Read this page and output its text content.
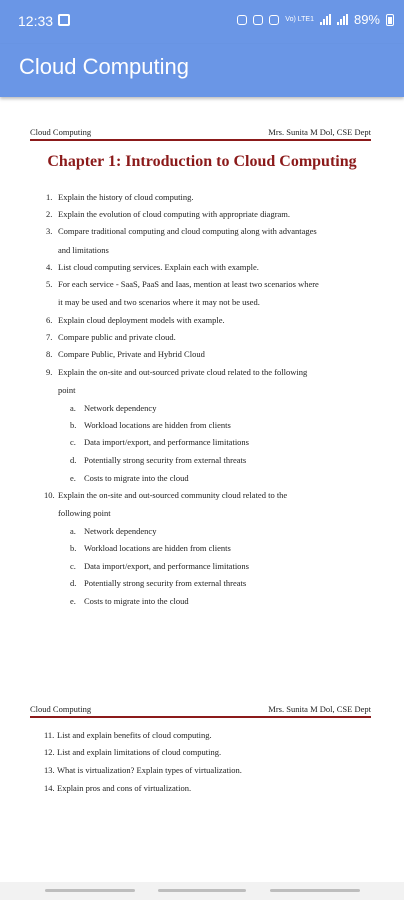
12:33	Vo) LTE1	89%
Cloud Computing
Cloud Computing	Mrs. Sunita M Dol, CSE Dept
Chapter 1: Introduction to Cloud Computing
1. Explain the history of cloud computing.
2. Explain the evolution of cloud computing with appropriate diagram.
3. Compare traditional computing and cloud computing along with advantages
and limitations
4. List cloud computing services. Explain each with example.
5. For each service - SaaS, PaaS and Iaas, mention at least two scenarios where
it may be used and two scenarios where it may not be used.
6. Explain cloud deployment models with example.
7. Compare public and private cloud.
8. Compare Public, Private and Hybrid Cloud
9. Explain the on-site and out-sourced private cloud related to the following
point
a. Network dependency
b. Workload locations are hidden from clients
c. Data import/export, and performance limitations
d. Potentially strong security from external threats
e. Costs to migrate into the cloud
10. Explain the on-site and out-sourced community cloud related to the
following point
a. Network dependency
b. Workload locations are hidden from clients
c. Data import/export, and performance limitations
d. Potentially strong security from external threats
e. Costs to migrate into the cloud
Cloud Computing	Mrs. Sunita M Dol, CSE Dept
11. List and explain benefits of cloud computing.
12. List and explain limitations of cloud computing.
13. What is virtualization? Explain types of virtualization.
14. Explain pros and cons of virtualization.
